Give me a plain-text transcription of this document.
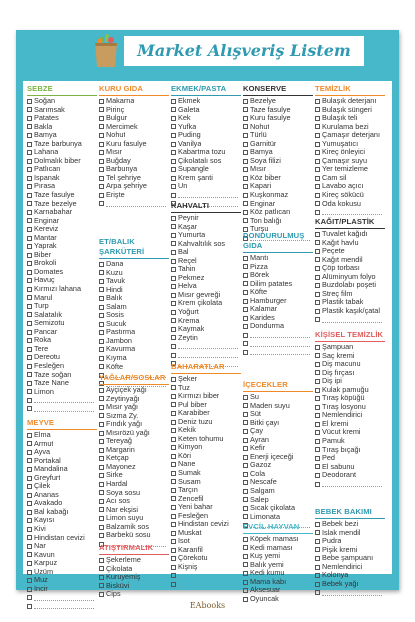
Market Alışveriş Listem
EAbooks
SEBZE
Soğan
Sarımsak
Patates
Bakla
Bamya
Taze barbunya
Lahana
Dolmalık biber
Patlıcan
Ispanak
Pırasa
Taze fasulye
Taze bezelye
Karnabahar
Enginar
Kereviz
Mantar
Yaprak
Biber
Brokoli
Domates
Havuç
Kırmızı lahana
Marul
Turp
Salatalık
Semizotu
Pancar
Roka
Tere
Dereotu
Fesleğen
Taze soğan
Taze Nane
Limon
MEYVE
Elma
Armut
Ayva
Portakal
Mandalina
Greyfurt
Çilek
Ananas
Avakado
Bal kabağı
Kayısı
Kivi
Hindistan cevizi
Nar
Kavun
Karpuz
Üzüm
Muz
İncir
KURU GIDA
Makarna
Pirinç
Bulgur
Mercimek
Nohut
Kuru fasulye
Mısır
Buğday
Barbunya
Tel şehriye
Arpa şehriye
Erişte
ET/BALIK ŞARKÜTERİ
Dana
Kuzu
Tavuk
Hindi
Balık
Salam
Sosis
Sucuk
Pastırma
Jambon
Kavurma
Kıyma
Köfte
YAĞLAR/SOSLAR
Ayçiçek yağı
Zeytinyağı
Mısır yağı
Sızma Zy.
Fındık yağı
Mısırözü yağı
Tereyağ
Margarin
Ketçap
Mayonez
Sirke
Hardal
Soya sosu
Acı sos
Nar ekşisi
Limon suyu
Balzamik sos
Barbekü sosu
ATIŞTIRMALIK
Şekerleme
Çikolata
Kuruyemiş
Bisküvi
Cips
EKMEK/PASTA
Ekmek
Galeta
Kek
Yufka
Puding
Vanilya
Kabartma tozu
Çikolatalı sos
Supangle
Krem şanti
Un
KAHVALTI
Peynir
Kaşar
Yumurta
Kahvaltılık sos
Bal
Reçel
Tahin
Pekmez
Helva
Mısır gevreği
Krem çikolata
Yoğurt
Krema
Kaymak
Zeytin
BAHARATLAR
Şeker
Tuz
Kırmızı biber
Pul biber
Karabiber
Deniz tuzu
Kekik
Keten tohumu
Kimyon
Köri
Nane
Sumak
Susam
Tarçın
Zencefil
Yeni bahar
Fesleğen
Hindistan cevizi
Muskat
İsot
Karanfil
Çörekotu
Kişniş
KONSERVE
Bezelye
Taze fasulye
Kuru fasulye
Nohut
Türlü
Garnitür
Bamya
Soya filizi
Mısır
Köz biber
Kapari
Kuşkonmaz
Enginar
Köz patlıcan
Ton balığı
Turşu
DONDURULMUŞ GIDA
Mantı
Pizza
Börek
Dilim patates
Köfte
Hamburger
Kalamar
Karides
Dondurma
İÇECEKLER
Su
Maden suyu
Süt
Bitki çayı
Çay
Ayran
Kefir
Enerji içeceği
Gazoz
Cola
Nescafe
Salgam
Salep
Sıcak çikolata
Limonata
EVCİL HAYVAN
Köpek maması
Kedi maması
Kuş yemi
Balık yemi
Kedi kumu
Mama kabı
Aksesuar
Oyuncak
TEMİZLİK
Bulaşık deterjanı
Bulaşık süngeri
Bulaşık teli
Kurulama bezi
Çamaşır deterjanı
Yumuşatıcı
Kireç önleyici
Çamaşır suyu
Yer temizleme
Cam sil
Lavabo açıcı
Kireç sökücü
Oda kokusu
KAĞIT/PLASTİK
Tuvalet kağıdı
Kağıt havlu
Peçete
Kağıt mendil
Çöp torbası
Alüminyum folyo
Buzdolabı poşeti
Streç film
Plastik tabak
Plastik kaşık/çatal
KİŞİSEL TEMİZLİK
Şampuan
Saç kremi
Diş macunu
Diş fırçası
Diş ipi
Kulak pamuğu
Tıraş köpüğü
Tıraş losyonu
Nemlendirici
El kremi
Vücut kremi
Pamuk
Tıraş bıçağı
Ped
El sabunu
Deodorant
BEBEK BAKIMI
Bebek bezi
Islak mendil
Pudra
Pişik kremi
Bebe şampuanı
Nemlendirici
Kolonya
Bebek yağı
